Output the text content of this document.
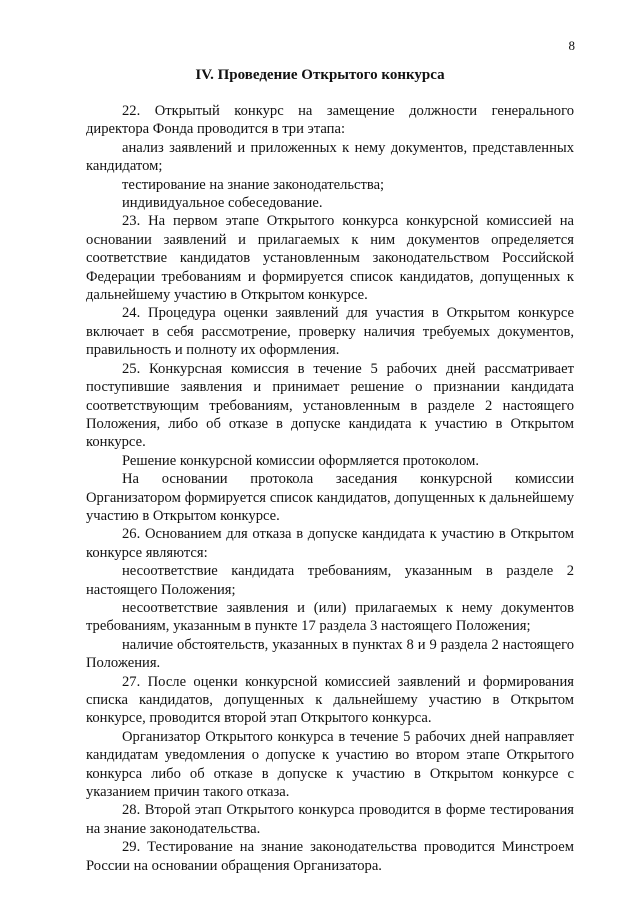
8
IV. Проведение Открытого конкурса

22. Открытый конкурс на замещение должности генерального директора Фонда проводится в три этапа:

анализ заявлений и приложенных к нему документов, представленных кандидатом;

тестирование на знание законодательства;

индивидуальное собеседование.

23. На первом этапе Открытого конкурса конкурсной комиссией на основании заявлений и прилагаемых к ним документов определяется соответствие кандидатов установленным законодательством Российской Федерации требованиям и формируется список кандидатов, допущенных к дальнейшему участию в Открытом конкурсе.

24. Процедура оценки заявлений для участия в Открытом конкурсе включает в себя рассмотрение, проверку наличия требуемых документов, правильность и полноту их оформления.

25. Конкурсная комиссия в течение 5 рабочих дней рассматривает поступившие заявления и принимает решение о признании кандидата соответствующим требованиям, установленным в разделе 2 настоящего Положения, либо об отказе в допуске кандидата к участию в Открытом конкурсе.

Решение конкурсной комиссии оформляется протоколом.

На основании протокола заседания конкурсной комиссии Организатором формируется список кандидатов, допущенных к дальнейшему участию в Открытом конкурсе.

26. Основанием для отказа в допуске кандидата к участию в Открытом конкурсе являются:

несоответствие кандидата требованиям, указанным в разделе 2 настоящего Положения;

несоответствие заявления и (или) прилагаемых к нему документов требованиям, указанным в пункте 17 раздела 3 настоящего Положения;

наличие обстоятельств, указанных в пунктах 8 и 9 раздела 2 настоящего Положения.

27. После оценки конкурсной комиссией заявлений и формирования списка кандидатов, допущенных к дальнейшему участию в Открытом конкурсе, проводится второй этап Открытого конкурса.

Организатор Открытого конкурса в течение 5 рабочих дней направляет кандидатам уведомления о допуске к участию во втором этапе Открытого конкурса либо об отказе в допуске к участию в Открытом конкурсе с указанием причин такого отказа.

28. Второй этап Открытого конкурса проводится в форме тестирования на знание законодательства.

29. Тестирование на знание законодательства проводится Минстроем России на основании обращения Организатора.
